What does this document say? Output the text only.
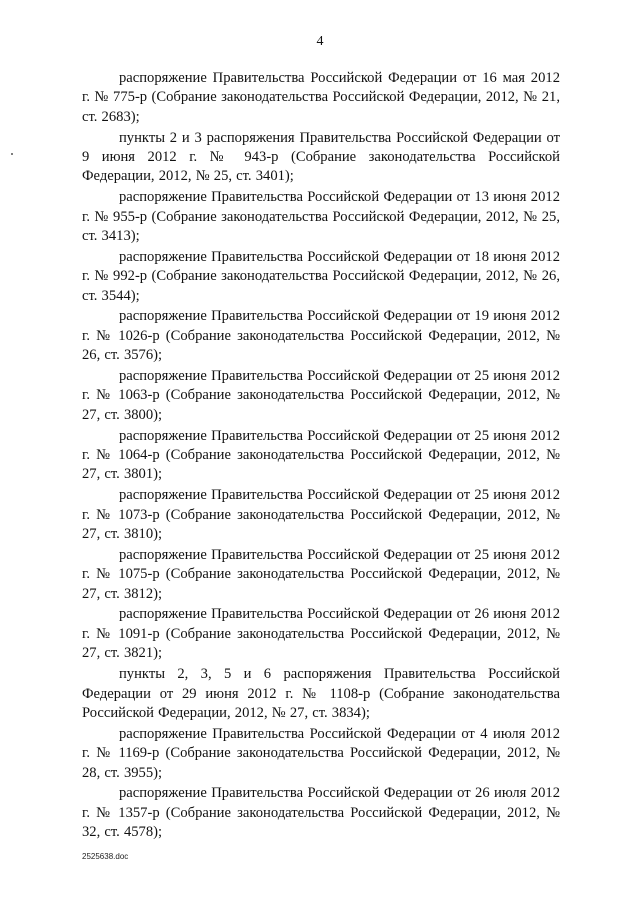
4

распоряжение Правительства Российской Федерации от 16 мая 2012 г. № 775-р (Собрание законодательства Российской Федерации, 2012, № 21, ст. 2683);

пункты 2 и 3 распоряжения Правительства Российской Федерации от 9 июня 2012 г. № 943-р (Собрание законодательства Российской Федерации, 2012, № 25, ст. 3401);

распоряжение Правительства Российской Федерации от 13 июня 2012 г. № 955-р (Собрание законодательства Российской Федерации, 2012, № 25, ст. 3413);

распоряжение Правительства Российской Федерации от 18 июня 2012 г. № 992-р (Собрание законодательства Российской Федерации, 2012, № 26, ст. 3544);

распоряжение Правительства Российской Федерации от 19 июня 2012 г. № 1026-р (Собрание законодательства Российской Федерации, 2012, № 26, ст. 3576);

распоряжение Правительства Российской Федерации от 25 июня 2012 г. № 1063-р (Собрание законодательства Российской Федерации, 2012, № 27, ст. 3800);

распоряжение Правительства Российской Федерации от 25 июня 2012 г. № 1064-р (Собрание законодательства Российской Федерации, 2012, № 27, ст. 3801);

распоряжение Правительства Российской Федерации от 25 июня 2012 г. № 1073-р (Собрание законодательства Российской Федерации, 2012, № 27, ст. 3810);

распоряжение Правительства Российской Федерации от 25 июня 2012 г. № 1075-р (Собрание законодательства Российской Федерации, 2012, № 27, ст. 3812);

распоряжение Правительства Российской Федерации от 26 июня 2012 г. № 1091-р (Собрание законодательства Российской Федерации, 2012, № 27, ст. 3821);

пункты 2, 3, 5 и 6 распоряжения Правительства Российской Федерации от 29 июня 2012 г. № 1108-р (Собрание законодательства Российской Федерации, 2012, № 27, ст. 3834);

распоряжение Правительства Российской Федерации от 4 июля 2012 г. № 1169-р (Собрание законодательства Российской Федерации, 2012, № 28, ст. 3955);

распоряжение Правительства Российской Федерации от 26 июля 2012 г. № 1357-р (Собрание законодательства Российской Федерации, 2012, № 32, ст. 4578);

2525638.doc
